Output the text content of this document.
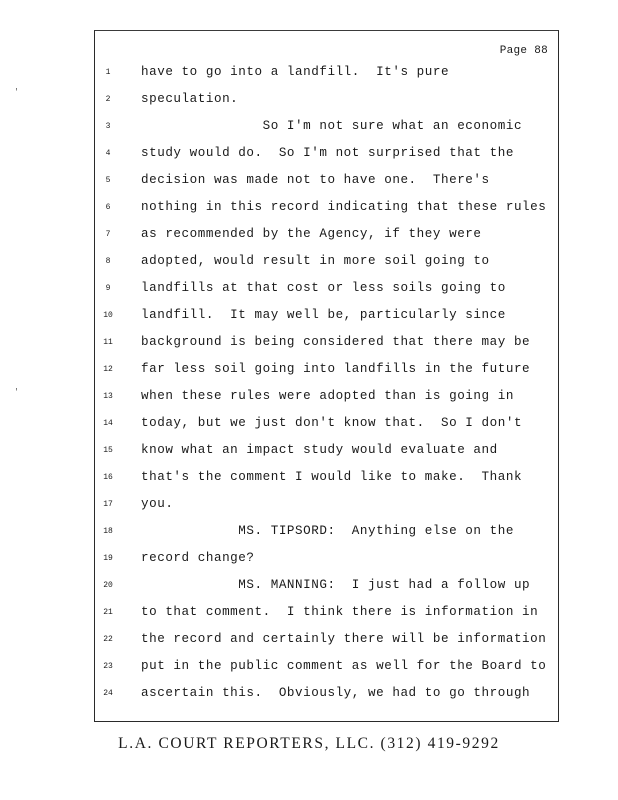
'
'
Page 88
1	have to go into a landfill.  It's pure
2	speculation.
3	So I'm not sure what an economic
4	study would do.  So I'm not surprised that the
5	decision was made not to have one.  There's
6	nothing in this record indicating that these rules
7	as recommended by the Agency, if they were
8	adopted, would result in more soil going to
9	landfills at that cost or less soils going to
10	landfill.  It may well be, particularly since
11	background is being considered that there may be
12	far less soil going into landfills in the future
13	when these rules were adopted than is going in
14	today, but we just don't know that.  So I don't
15	know what an impact study would evaluate and
16	that's the comment I would like to make.  Thank
17	you.
18	MS. TIPSORD:  Anything else on the
19	record change?
20	MS. MANNING:  I just had a follow up
21	to that comment.  I think there is information in
22	the record and certainly there will be information
23	put in the public comment as well for the Board to
24	ascertain this.  Obviously, we had to go through
L.A. COURT REPORTERS, LLC. (312) 419-9292
